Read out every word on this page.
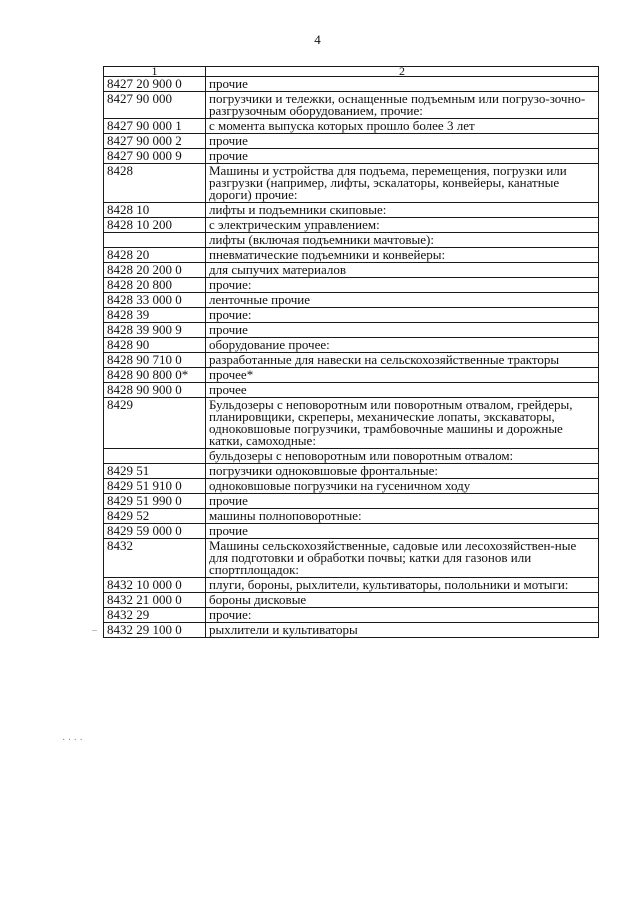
4
1	2
8427 20 900 0	прочие
8427 90 000	погрузчики и тележки, оснащенные подъемным или погрузо-зочно-разгрузочным оборудованием, прочие:
8427 90 000 1	с момента выпуска которых прошло более 3 лет
8427 90 000 2	прочие
8427 90 000 9	прочие
8428	Машины и устройства для подъема, перемещения, погрузки или разгрузки (например, лифты, эскалаторы, конвейеры, канатные дороги) прочие:
8428 10	лифты и подъемники скиповые:
8428 10 200	с электрическим управлением:
	лифты (включая подъемники мачтовые):
8428 20	пневматические подъемники и конвейеры:
8428 20 200 0	для сыпучих материалов
8428 20 800	прочие:
8428 33 000 0	ленточные прочие
8428 39	прочие:
8428 39 900 9	прочие
8428 90	оборудование прочее:
8428 90 710 0	разработанные для навески на сельскохозяйственные тракторы
8428 90 800 0*	прочее*
8428 90 900 0	прочее
8429	Бульдозеры с неповоротным или поворотным отвалом, грейдеры, планировщики, скреперы, механические лопаты, экскаваторы, одноковшовые погрузчики, трамбовочные машины и дорожные катки, самоходные:
	бульдозеры с неповоротным или поворотным отвалом:
8429 51	погрузчики одноковшовые фронтальные:
8429 51 910 0	одноковшовые погрузчики на гусеничном ходу
8429 51 990 0	прочие
8429 52	машины полноповоротные:
8429 59 000 0	прочие
8432	Машины сельскохозяйственные, садовые или лесохозяйствен-ные для подготовки и обработки почвы; катки для газонов или спортплощадок:
8432 10 000 0	плуги, бороны, рыхлители, культиваторы, полольники и мотыги:
8432 21 000 0	бороны дисковые
8432 29	прочие:
8432 29 100 0	рыхлители и культиваторы
–
· · · ·
